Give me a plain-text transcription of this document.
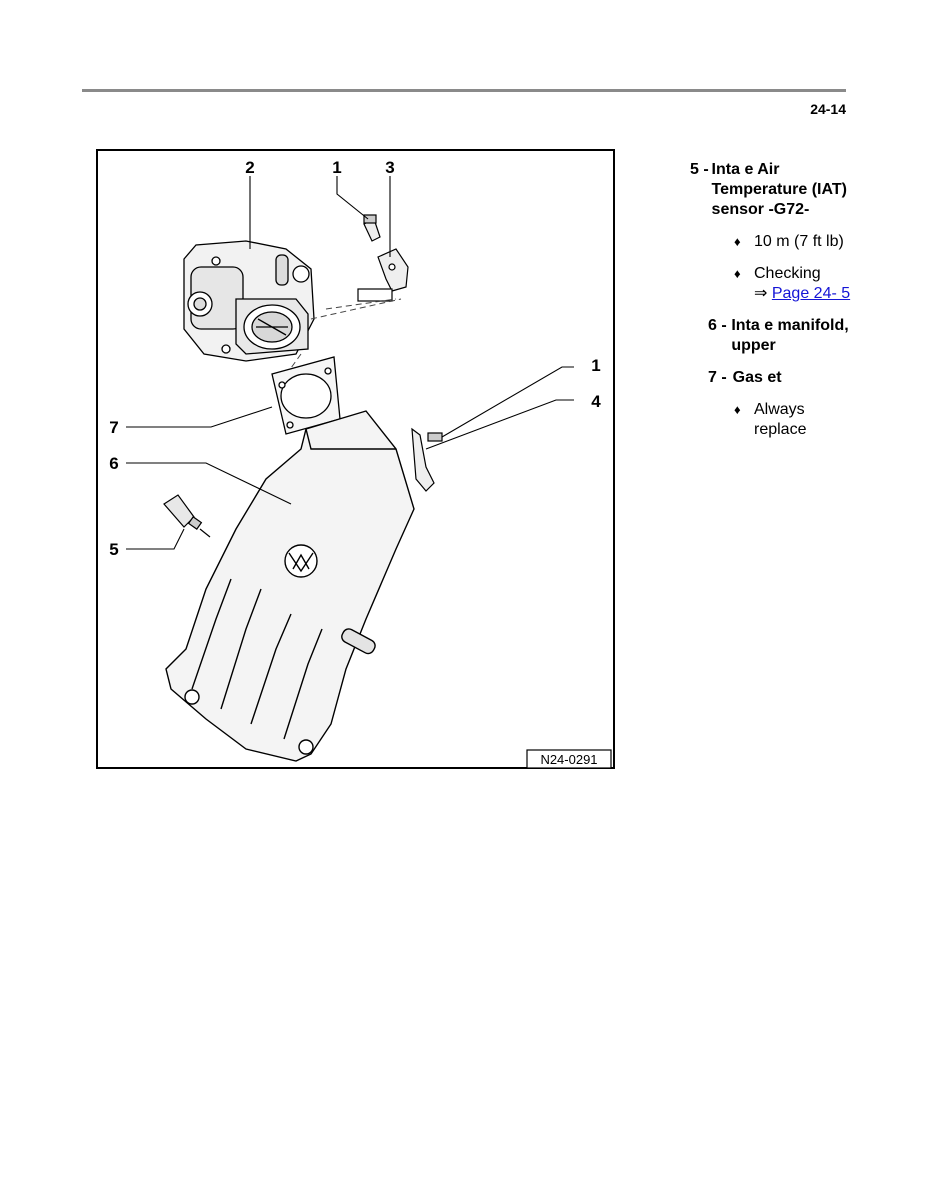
24-14
2	1	3
1
4
7
6
5
N24-0291
5 - Inta e Air Temperature (IAT) sensor -G72-
♦ 10 m (7 ft lb)
♦ Checking
⇒ Page 24- 5
6 - Inta e manifold, upper
7 - Gas et
♦ Always replace
